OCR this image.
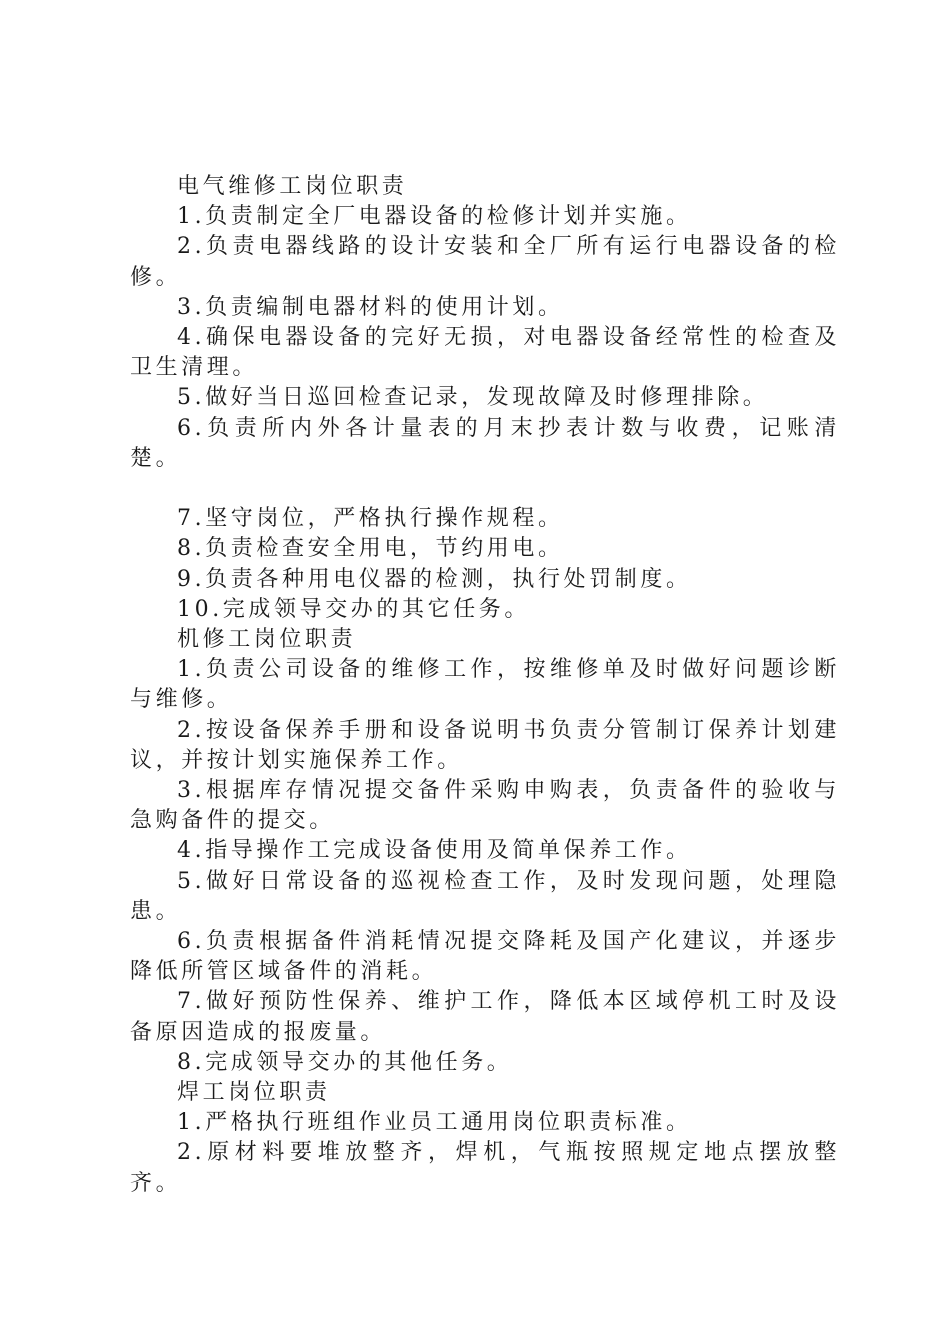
电气维修工岗位职责

1.负责制定全厂电器设备的检修计划并实施。

2.负责电器线路的设计安装和全厂所有运行电器设备的检修。

3.负责编制电器材料的使用计划。

4.确保电器设备的完好无损，对电器设备经常性的检查及卫生清理。

5.做好当日巡回检查记录，发现故障及时修理排除。

6.负责所内外各计量表的月末抄表计数与收费，记账清楚。

7.坚守岗位，严格执行操作规程。

8.负责检查安全用电，节约用电。

9.负责各种用电仪器的检测，执行处罚制度。

10.完成领导交办的其它任务。

机修工岗位职责

1.负责公司设备的维修工作，按维修单及时做好问题诊断与维修。

2.按设备保养手册和设备说明书负责分管制订保养计划建议，并按计划实施保养工作。

3.根据库存情况提交备件采购申购表，负责备件的验收与急购备件的提交。

4.指导操作工完成设备使用及简单保养工作。

5.做好日常设备的巡视检查工作，及时发现问题，处理隐患。

6.负责根据备件消耗情况提交降耗及国产化建议，并逐步降低所管区域备件的消耗。

7.做好预防性保养、维护工作，降低本区域停机工时及设备原因造成的报废量。

8.完成领导交办的其他任务。

焊工岗位职责

1.严格执行班组作业员工通用岗位职责标准。

2.原材料要堆放整齐，焊机，气瓶按照规定地点摆放整齐。
